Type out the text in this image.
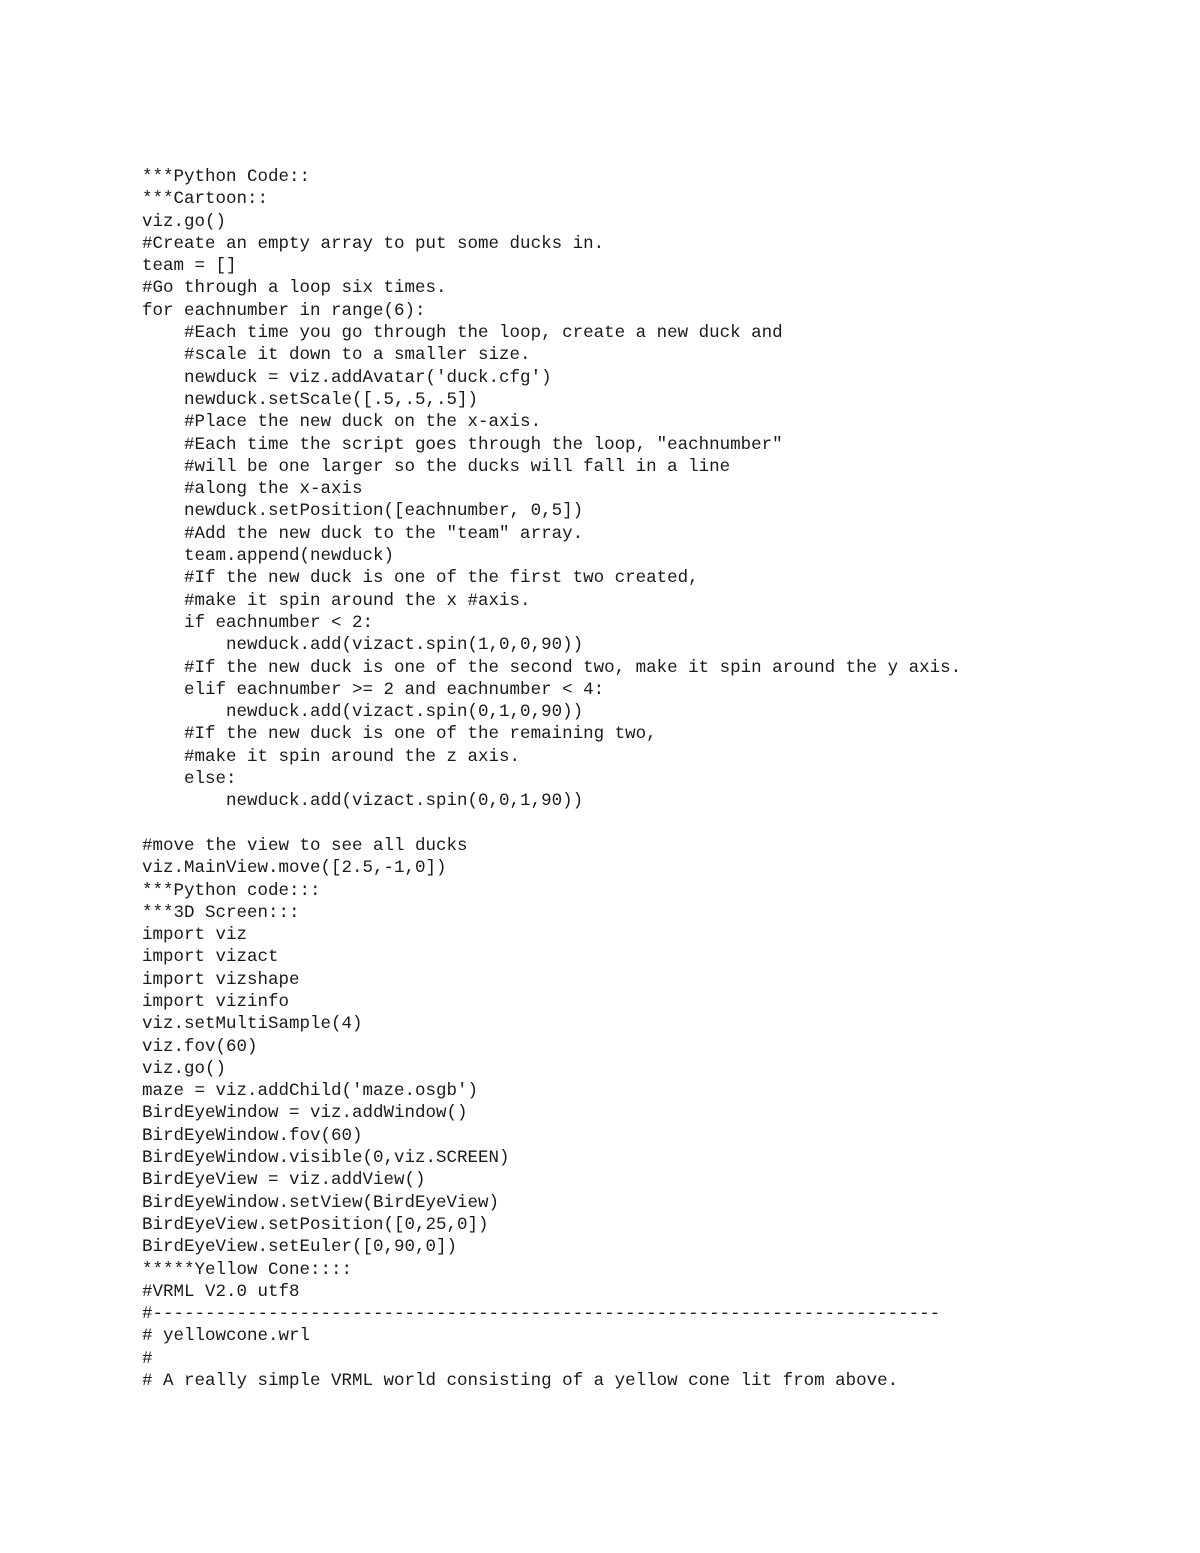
***Python Code::
***Cartoon::
viz.go()
#Create an empty array to put some ducks in.
team = []
#Go through a loop six times.
for eachnumber in range(6):
#Each time you go through the loop, create a new duck and
#scale it down to a smaller size.
newduck = viz.addAvatar('duck.cfg')
newduck.setScale([.5,.5,.5])
#Place the new duck on the x-axis.
#Each time the script goes through the loop, "eachnumber"
#will be one larger so the ducks will fall in a line
#along the x-axis
newduck.setPosition([eachnumber, 0,5])
#Add the new duck to the "team" array.
team.append(newduck)
#If the new duck is one of the first two created,
#make it spin around the x #axis.
if eachnumber < 2:
newduck.add(vizact.spin(1,0,0,90))
#If the new duck is one of the second two, make it spin around the y axis.
elif eachnumber >= 2 and eachnumber < 4:
newduck.add(vizact.spin(0,1,0,90))
#If the new duck is one of the remaining two,
#make it spin around the z axis.
else:
newduck.add(vizact.spin(0,0,1,90))
#move the view to see all ducks
viz.MainView.move([2.5,-1,0])
***Python code:::
***3D Screen:::
import viz
import vizact
import vizshape
import vizinfo
viz.setMultiSample(4)
viz.fov(60)
viz.go()
maze = viz.addChild('maze.osgb')
BirdEyeWindow = viz.addWindow()
BirdEyeWindow.fov(60)
BirdEyeWindow.visible(0,viz.SCREEN)
BirdEyeView = viz.addView()
BirdEyeWindow.setView(BirdEyeView)
BirdEyeView.setPosition([0,25,0])
BirdEyeView.setEuler([0,90,0])
*****Yellow Cone::::
#VRML V2.0 utf8
#---------------------------------------------------------------------------
# yellowcone.wrl
#
# A really simple VRML world consisting of a yellow cone lit from above.
